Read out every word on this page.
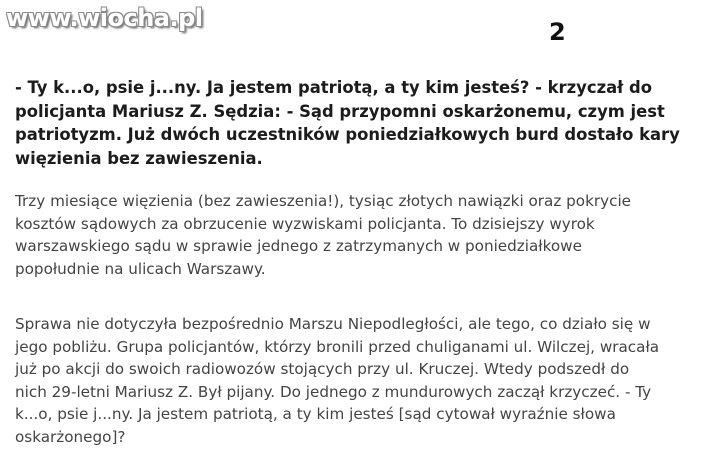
www.wiocha.pl	2

- Ty k...o, psie j...ny. Ja jestem patriotą, a ty kim jesteś? - krzyczał do
policjanta Mariusz Z. Sędzia: - Sąd przypomni oskarżonemu, czym jest
patriotyzm. Już dwóch uczestników poniedziałkowych burd dostało kary
więzienia bez zawieszenia.

Trzy miesiące więzienia (bez zawieszenia!), tysiąc złotych nawiązki oraz pokrycie
kosztów sądowych za obrzucenie wyzwiskami policjanta. To dzisiejszy wyrok
warszawskiego sądu w sprawie jednego z zatrzymanych w poniedziałkowe
popołudnie na ulicach Warszawy.

Sprawa nie dotyczyła bezpośrednio Marszu Niepodległości, ale tego, co działo się w
jego pobliżu. Grupa policjantów, którzy bronili przed chuliganami ul. Wilczej, wracała
już po akcji do swoich radiowozów stojących przy ul. Kruczej. Wtedy podszedł do
nich 29-letni Mariusz Z. Był pijany. Do jednego z mundurowych zaczął krzyczeć. - Ty
k...o, psie j...ny. Ja jestem patriotą, a ty kim jesteś [sąd cytował wyraźnie słowa
oskarżonego]?
